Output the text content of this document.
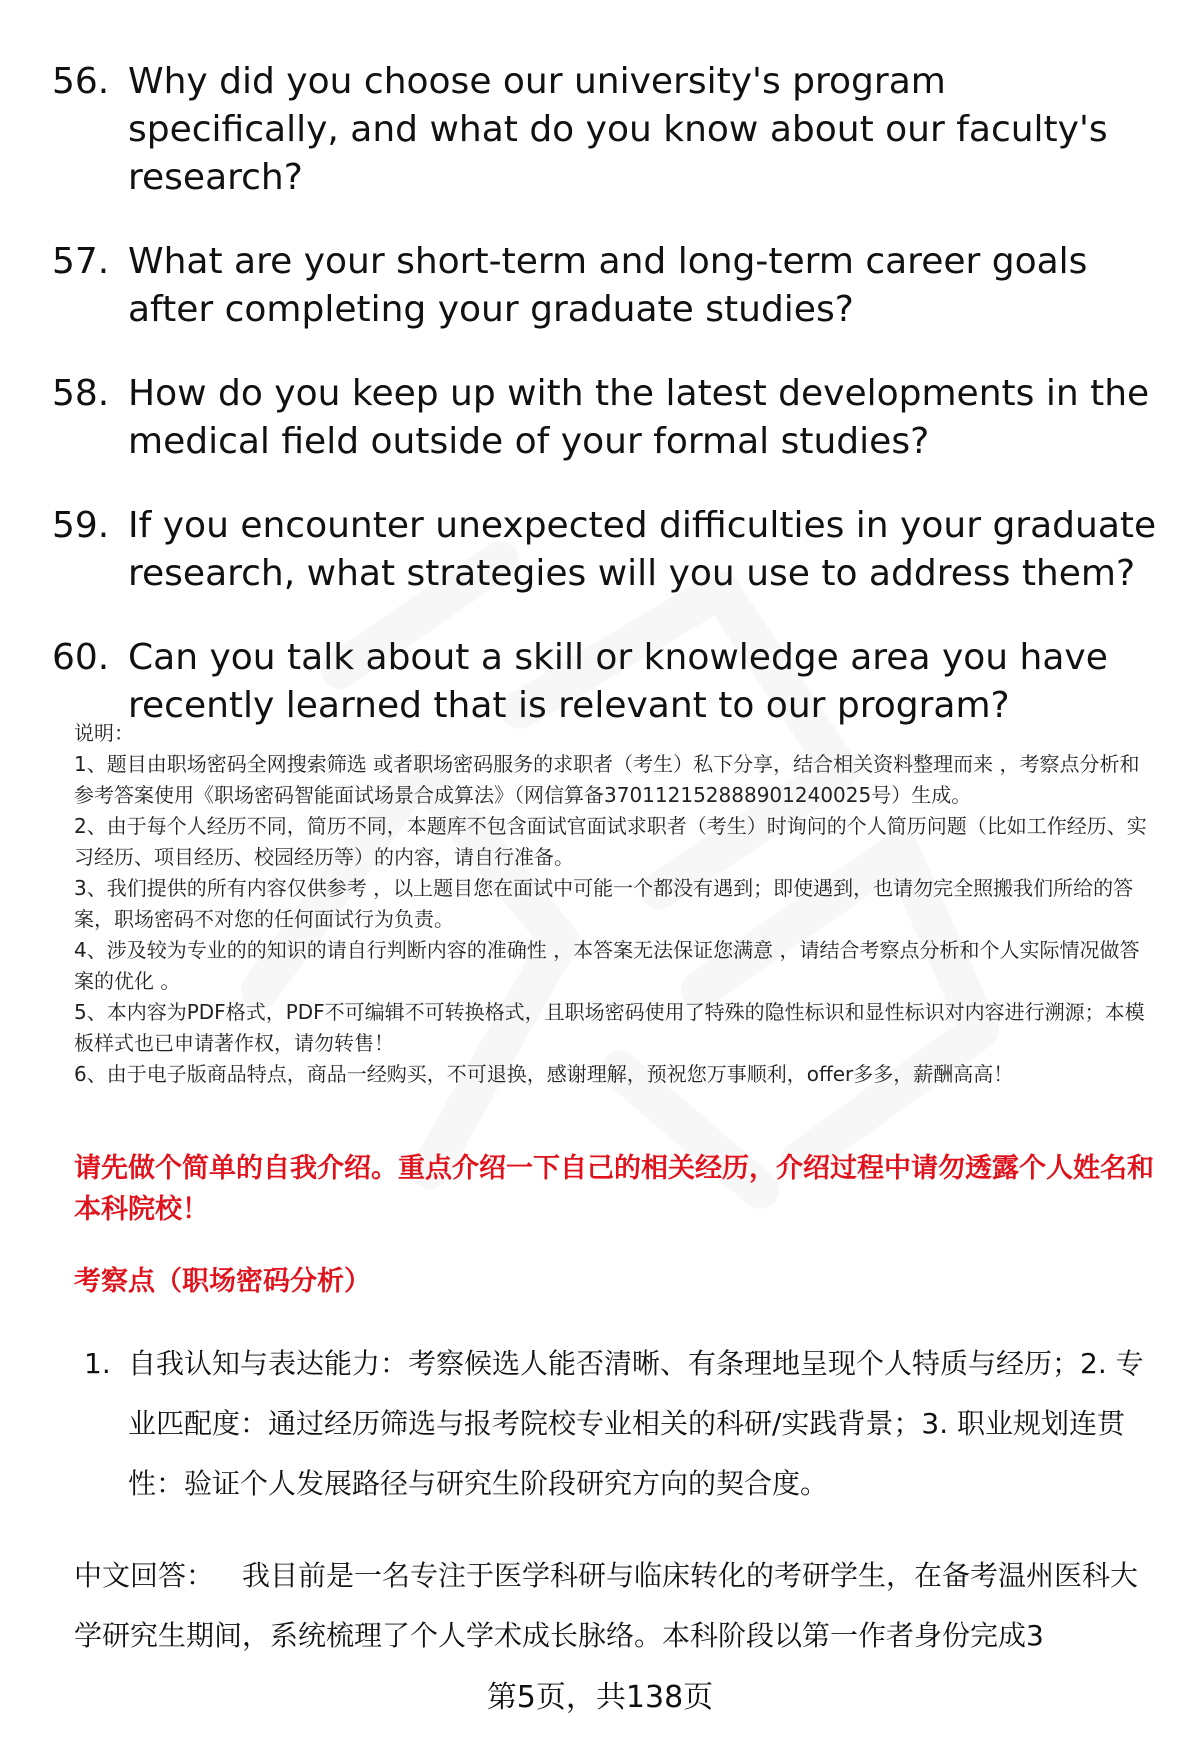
56. Why did you choose our university's program specifically, and what do you know about our faculty's research?
57. What are your short-term and long-term career goals after completing your graduate studies?
58. How do you keep up with the latest developments in the medical field outside of your formal studies?
59. If you encounter unexpected difficulties in your graduate research, what strategies will you use to address them?
60. Can you talk about a skill or knowledge area you have recently learned that is relevant to our program?
说明：
1、题目由职场密码全网搜索筛选 或者职场密码服务的求职者（考生）私下分享，结合相关资料整理而来 ，考察点分析和参考答案使用《职场密码智能面试场景合成算法》（网信算备370112152888901240025号）生成。
2、由于每个人经历不同，简历不同，本题库不包含面试官面试求职者（考生）时询问的个人简历问题（比如工作经历、实习经历、项目经历、校园经历等）的内容，请自行准备。
3、我们提供的所有内容仅供参考 ，以上题目您在面试中可能一个都没有遇到；即使遇到，也请勿完全照搬我们所给的答案，职场密码不对您的任何面试行为负责。
4、涉及较为专业的的知识的请自行判断内容的准确性 ，本答案无法保证您满意 ，请结合考察点分析和个人实际情况做答案的优化 。
5、本内容为PDF格式，PDF不可编辑不可转换格式，且职场密码使用了特殊的隐性标识和显性标识对内容进行溯源；本模板样式也已申请著作权，请勿转售！
6、由于电子版商品特点，商品一经购买，不可退换，感谢理解，预祝您万事顺利，offer多多，薪酬高高！
请先做个简单的自我介绍。重点介绍一下自己的相关经历，介绍过程中请勿透露个人姓名和本科院校！
考察点（职场密码分析）
1. 自我认知与表达能力：考察候选人能否清晰、有条理地呈现个人特质与经历；2. 专业匹配度：通过经历筛选与报考院校专业相关的科研/实践背景；3. 职业规划连贯性：验证个人发展路径与研究生阶段研究方向的契合度。
中文回答： 我目前是一名专注于医学科研与临床转化的考研学生，在备考温州医科大学研究生期间，系统梳理了个人学术成长脉络。本科阶段以第一作者身份完成3
第5页，共138页
